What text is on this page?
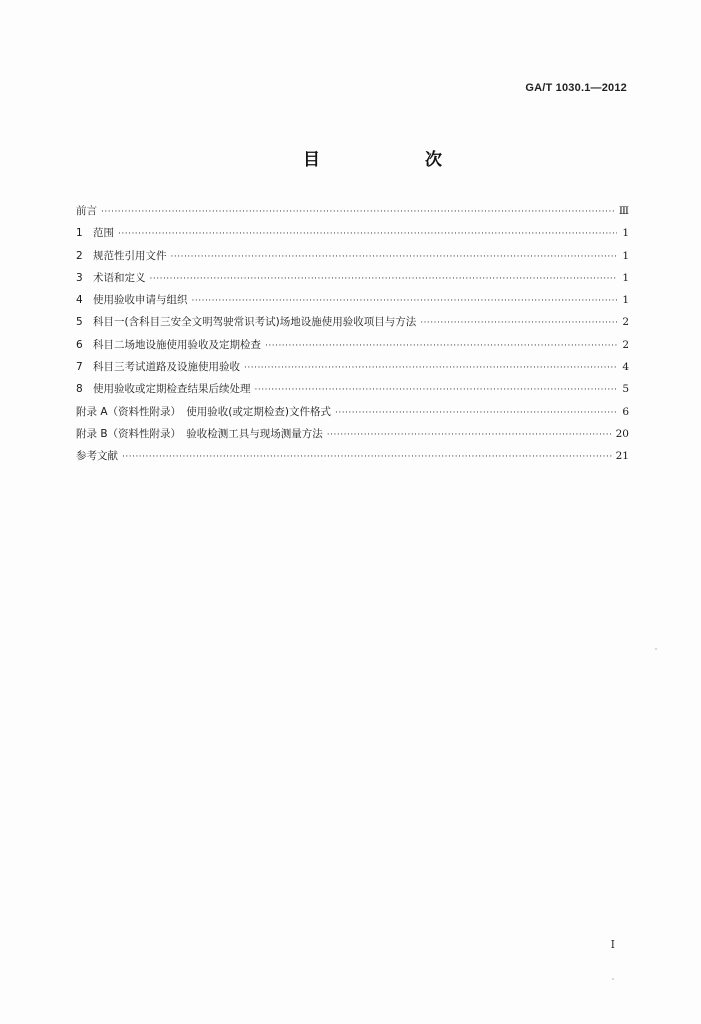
GA/T 1030.1—2012
目　次
前言 ·····	Ⅲ
1 范围 ·····	1
2 规范性引用文件 ·····	1
3 术语和定义 ·····	1
4 使用验收申请与组织 ·····	1
5 科目一(含科目三安全文明驾驶常识考试)场地设施使用验收项目与方法 ·····	2
6 科目二场地设施使用验收及定期检查 ·····	2
7 科目三考试道路及设施使用验收 ·····	4
8 使用验收或定期检查结果后续处理 ·····	5
附录 A（资料性附录）　使用验收(或定期检查)文件格式 ·····	6
附录 B（资料性附录）　验收检测工具与现场测量方法 ·····	20
参考文献 ·····	21
I
